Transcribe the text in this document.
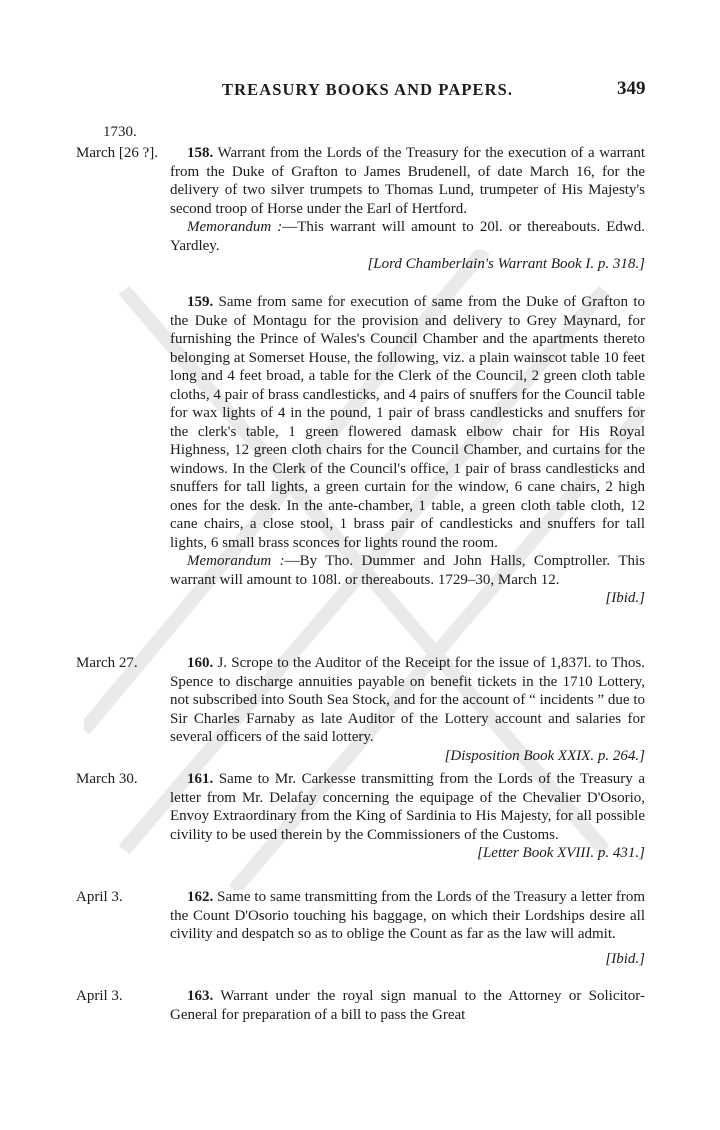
TREASURY BOOKS AND PAPERS.	349
1730.
March [26 ?].	158. Warrant from the Lords of the Treasury for the execution of a warrant from the Duke of Grafton to James Brudenell, of date March 16, for the delivery of two silver trumpets to Thomas Lund, trumpeter of His Majesty's second troop of Horse under the Earl of Hertford.

Memorandum :—This warrant will amount to 20l. or thereabouts. Edwd. Yardley.

[Lord Chamberlain's Warrant Book I. p. 318.]

159. Same from same for execution of same from the Duke of Grafton to the Duke of Montagu for the provision and delivery to Grey Maynard, for furnishing the Prince of Wales's Council Chamber and the apartments thereto belonging at Somerset House, the following, viz. a plain wainscot table 10 feet long and 4 feet broad, a table for the Clerk of the Council, 2 green cloth table cloths, 4 pair of brass candlesticks, and 4 pairs of snuffers for the Council table for wax lights of 4 in the pound, 1 pair of brass candlesticks and snuffers for the clerk's table, 1 green flowered damask elbow chair for His Royal Highness, 12 green cloth chairs for the Council Chamber, and curtains for the windows. In the Clerk of the Council's office, 1 pair of brass candlesticks and snuffers for tall lights, a green curtain for the window, 6 cane chairs, 2 high ones for the desk. In the ante-chamber, 1 table, a green cloth table cloth, 12 cane chairs, a close stool, 1 brass pair of candlesticks and snuffers for tall lights, 6 small brass sconces for lights round the room.

Memorandum :—By Tho. Dummer and John Halls, Comptroller. This warrant will amount to 108l. or thereabouts. 1729–30, March 12.

[Ibid.]

March 27.	160. J. Scrope to the Auditor of the Receipt for the issue of 1,837l. to Thos. Spence to discharge annuities payable on benefit tickets in the 1710 Lottery, not subscribed into South Sea Stock, and for the account of “ incidents ” due to Sir Charles Farnaby as late Auditor of the Lottery account and salaries for several officers of the said lottery.

[Disposition Book XXIX. p. 264.]

March 30.	161. Same to Mr. Carkesse transmitting from the Lords of the Treasury a letter from Mr. Delafay concerning the equipage of the Chevalier D'Osorio, Envoy Extraordinary from the King of Sardinia to His Majesty, for all possible civility to be used therein by the Commissioners of the Customs.

[Letter Book XVIII. p. 431.]

April 3.	162. Same to same transmitting from the Lords of the Treasury a letter from the Count D'Osorio touching his baggage, on which their Lordships desire all civility and despatch so as to oblige the Count as far as the law will admit.

[Ibid.]

April 3.	163. Warrant under the royal sign manual to the Attorney or Solicitor-General for preparation of a bill to pass the Great
